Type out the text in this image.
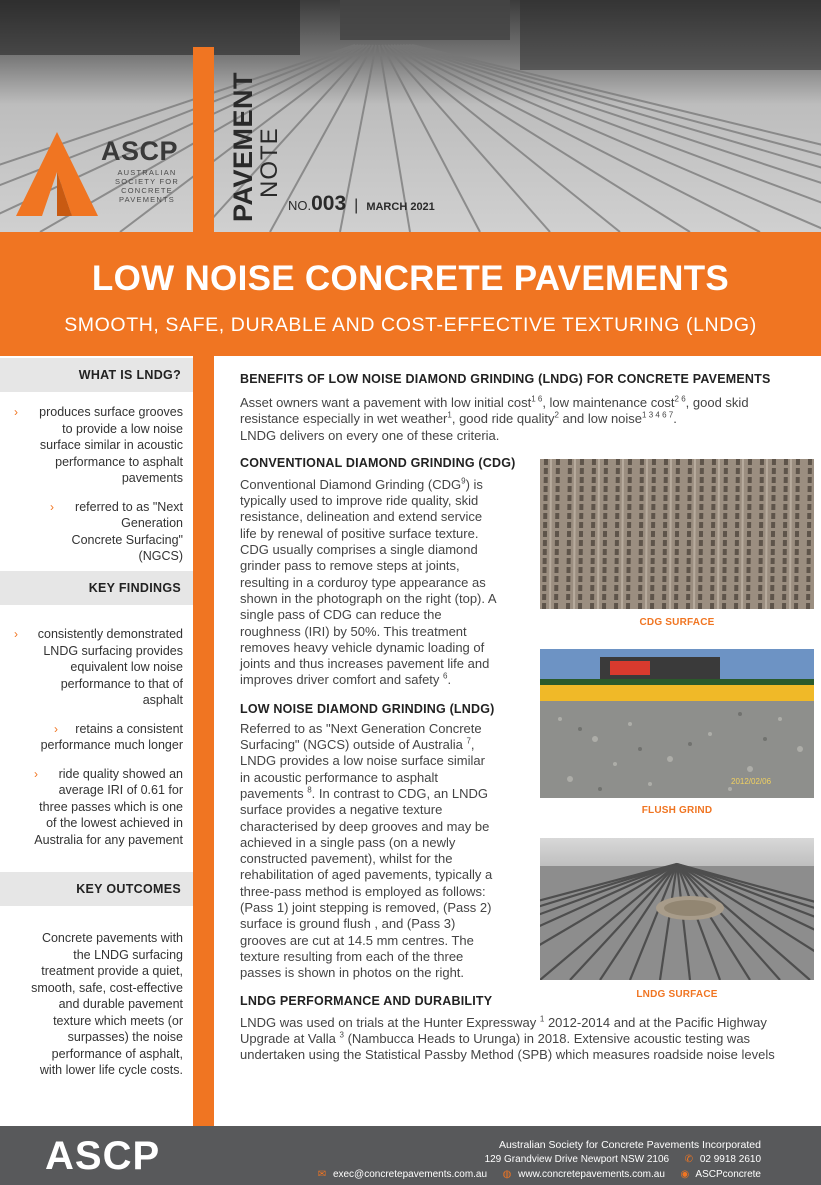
ASCP
AUSTRALIAN SOCIETY FOR CONCRETE PAVEMENTS	PAVEMENT
NOTE
NO. 003 | MARCH 2021
LOW NOISE CONCRETE PAVEMENTS
SMOOTH, SAFE, DURABLE AND COST-EFFECTIVE TEXTURING (LNDG)
WHAT IS LNDG?
› produces surface grooves to provide a low noise surface similar in acoustic performance to asphalt pavements
› referred to as "Next Generation Concrete Surfacing" (NGCS)
KEY FINDINGS
› consistently demonstrated LNDG surfacing provides equivalent low noise performance to that of asphalt
› retains a consistent performance much longer
› ride quality showed an average IRI of 0.61 for three passes which is one of the lowest achieved in Australia for any pavement
KEY OUTCOMES
Concrete pavements with the LNDG surfacing treatment provide a quiet, smooth, safe, cost-effective and durable pavement texture which meets (or surpasses) the noise performance of asphalt, with lower life cycle costs.
BENEFITS OF LOW NOISE DIAMOND GRINDING (LNDG) FOR CONCRETE PAVEMENTS

Asset owners want a pavement with low initial cost$^{1 6}$, low maintenance cost$^{2 6}$, good skid resistance especially in wet weather$^1$, good ride quality$^2$ and low noise$^{1 3 4 6 7}$.
LNDG delivers on every one of these criteria.

CONVENTIONAL DIAMOND GRINDING (CDG)

Conventional Diamond Grinding (CDG$^9$) is typically used to improve ride quality, skid resistance, delineation and extend service life by renewal of positive surface texture. CDG usually comprises a single diamond grinder pass to remove steps at joints, resulting in a corduroy type appearance as shown in the photograph on the right (top). A single pass of CDG can reduce the roughness (IRI) by 50%. This treatment removes heavy vehicle dynamic loading of joints and thus increases pavement life and improves driver comfort and safety $^6$.

LOW NOISE DIAMOND GRINDING (LNDG)

Referred to as "Next Generation Concrete Surfacing" (NGCS) outside of Australia $^7$, LNDG provides a low noise surface similar in acoustic performance to asphalt pavements $^8$. In contrast to CDG, an LNDG surface provides a negative texture characterised by deep grooves and may be achieved in a single pass (on a newly constructed pavement), whilst for the rehabilitation of aged pavements, typically a three-pass method is employed as follows: (Pass 1) joint stepping is removed, (Pass 2) surface is ground flush , and (Pass 3) grooves are cut at 14.5 mm centres. The texture resulting from each of the three passes is shown in photos on the right.

LNDG PERFORMANCE AND DURABILITY

LNDG was used on trials at the Hunter Expressway $^1$ 2012-2014 and at the Pacific Highway Upgrade at Valla $^3$ (Nambucca Heads to Urunga) in 2018. Extensive acoustic testing was undertaken using the Statistical Passby Method (SPB) which measures roadside noise levels

CDG SURFACE
2012/02/06
FLUSH GRIND
LNDG SURFACE
ASCP	Australian Society for Concrete Pavements Incorporated
129 Grandview Drive Newport NSW 2106 ✆ 02 9918 2610
✉ exec@concretepavements.com.au ◍ www.concretepavements.com.au ◉ ASCPconcrete
